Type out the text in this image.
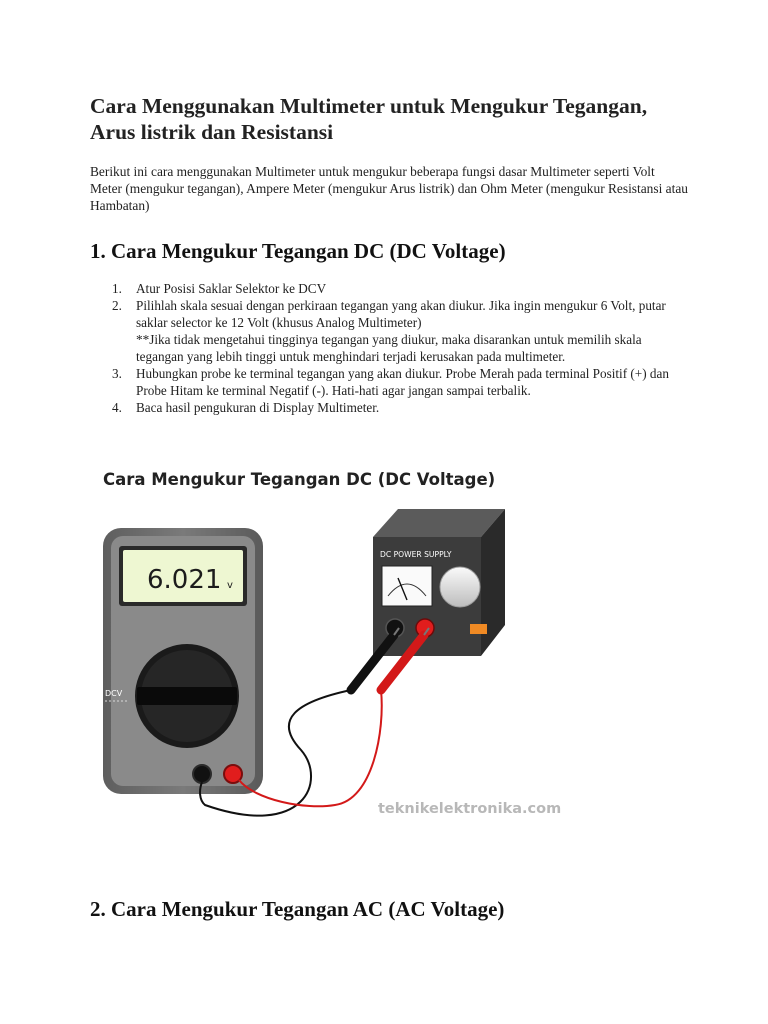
Cara Menggunakan Multimeter untuk Mengukur Tegangan, Arus listrik dan Resistansi

Berikut ini cara menggunakan Multimeter untuk mengukur beberapa fungsi dasar Multimeter seperti Volt Meter (mengukur tegangan), Ampere Meter (mengukur Arus listrik) dan Ohm Meter (mengukur Resistansi atau Hambatan)

1. Cara Mengukur Tegangan DC (DC Voltage)
1. Atur Posisi Saklar Selektor ke DCV
2. Pilihlah skala sesuai dengan perkiraan tegangan yang akan diukur. Jika ingin mengukur 6 Volt, putar saklar selector ke 12 Volt (khusus Analog Multimeter)
**Jika tidak mengetahui tingginya tegangan yang diukur, maka disarankan untuk memilih skala tegangan yang lebih tinggi untuk menghindari terjadi kerusakan pada multimeter.
3. Hubungkan probe ke terminal tegangan yang akan diukur. Probe Merah pada terminal Positif (+) dan Probe Hitam ke terminal Negatif (-). Hati-hati agar jangan sampai terbalik.
4. Baca hasil pengukuran di Display Multimeter.
Cara Mengukur Tegangan DC (DC Voltage)
6.021 v
DCV
DC POWER SUPPLY
teknikelektronika.com
2. Cara Mengukur Tegangan AC (AC Voltage)
